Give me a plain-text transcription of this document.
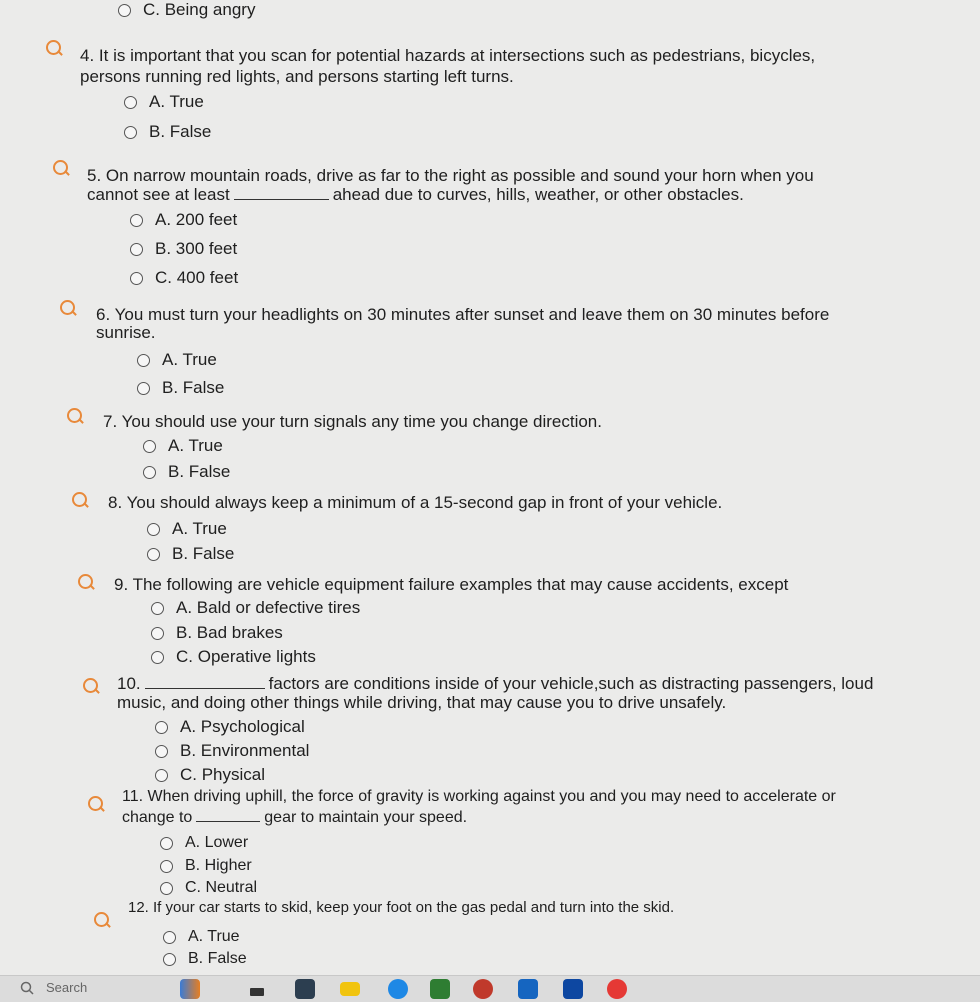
C. Being angry
4. It is important that you scan for potential hazards at intersections such as pedestrians, bicycles,
persons running red lights, and persons starting left turns.
A. True
B. False
5. On narrow mountain roads, drive as far to the right as possible and sound your horn when you
cannot see at least	ahead due to curves, hills, weather, or other obstacles.
A. 200 feet
B. 300 feet
C. 400 feet
6. You must turn your headlights on 30 minutes after sunset and leave them on 30 minutes before
sunrise.
A. True
B. False
7. You should use your turn signals any time you change direction.
A. True
B. False
8. You should always keep a minimum of a 15-second gap in front of your vehicle.
A. True
B. False
9. The following are vehicle equipment failure examples that may cause accidents, except
A. Bald or defective tires
B. Bad brakes
C. Operative lights
10.	factors are conditions inside of your vehicle,such as distracting passengers, loud
music, and doing other things while driving, that may cause you to drive unsafely.
A. Psychological
B. Environmental
C. Physical
11. When driving uphill, the force of gravity is working against you and you may need to accelerate or
change to	gear to maintain your speed.
A. Lower
B. Higher
C. Neutral
12. If your car starts to skid, keep your foot on the gas pedal and turn into the skid.
A. True
B. False
Search
